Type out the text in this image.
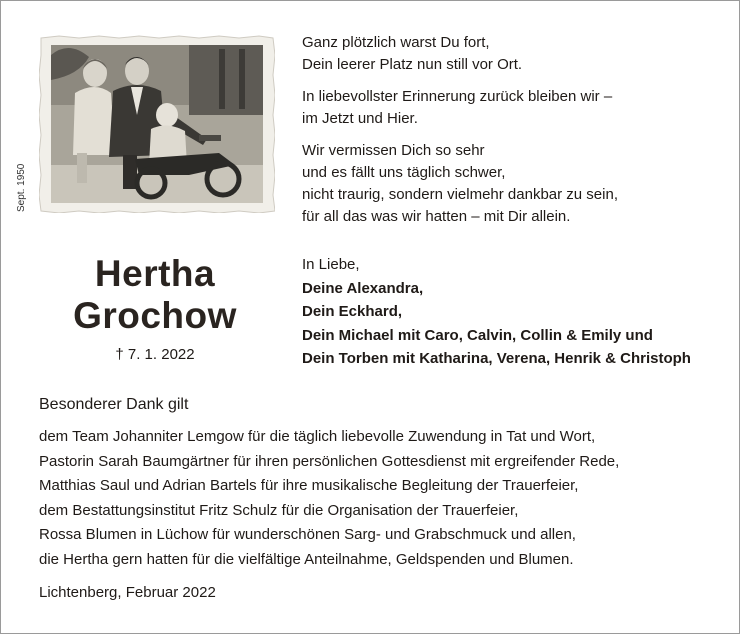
Sept. 1950
Hertha
Grochow
† 7. 1. 2022

Ganz plötzlich warst Du fort,
Dein leerer Platz nun still vor Ort.

In liebevollster Erinnerung zurück bleiben wir –
im Jetzt und Hier.

Wir vermissen Dich so sehr
und es fällt uns täglich schwer,
nicht traurig, sondern vielmehr dankbar zu sein,
für all das was wir hatten – mit Dir allein.

In Liebe,
Deine Alexandra,
Dein Eckhard,
Dein Michael mit Caro, Calvin, Collin & Emily und
Dein Torben mit Katharina, Verena, Henrik & Christoph
Besonderer Dank gilt
dem Team Johanniter Lemgow für die täglich liebevolle Zuwendung in Tat und Wort,
Pastorin Sarah Baumgärtner für ihren persönlichen Gottesdienst mit ergreifender Rede,
Matthias Saul und Adrian Bartels für ihre musikalische Begleitung der Trauerfeier,
dem Bestattungsinstitut Fritz Schulz für die Organisation der Trauerfeier,
Rossa Blumen in Lüchow für wunderschönen Sarg- und Grabschmuck und allen,
die Hertha gern hatten für die vielfältige Anteilnahme, Geldspenden und Blumen.
Lichtenberg, Februar 2022
